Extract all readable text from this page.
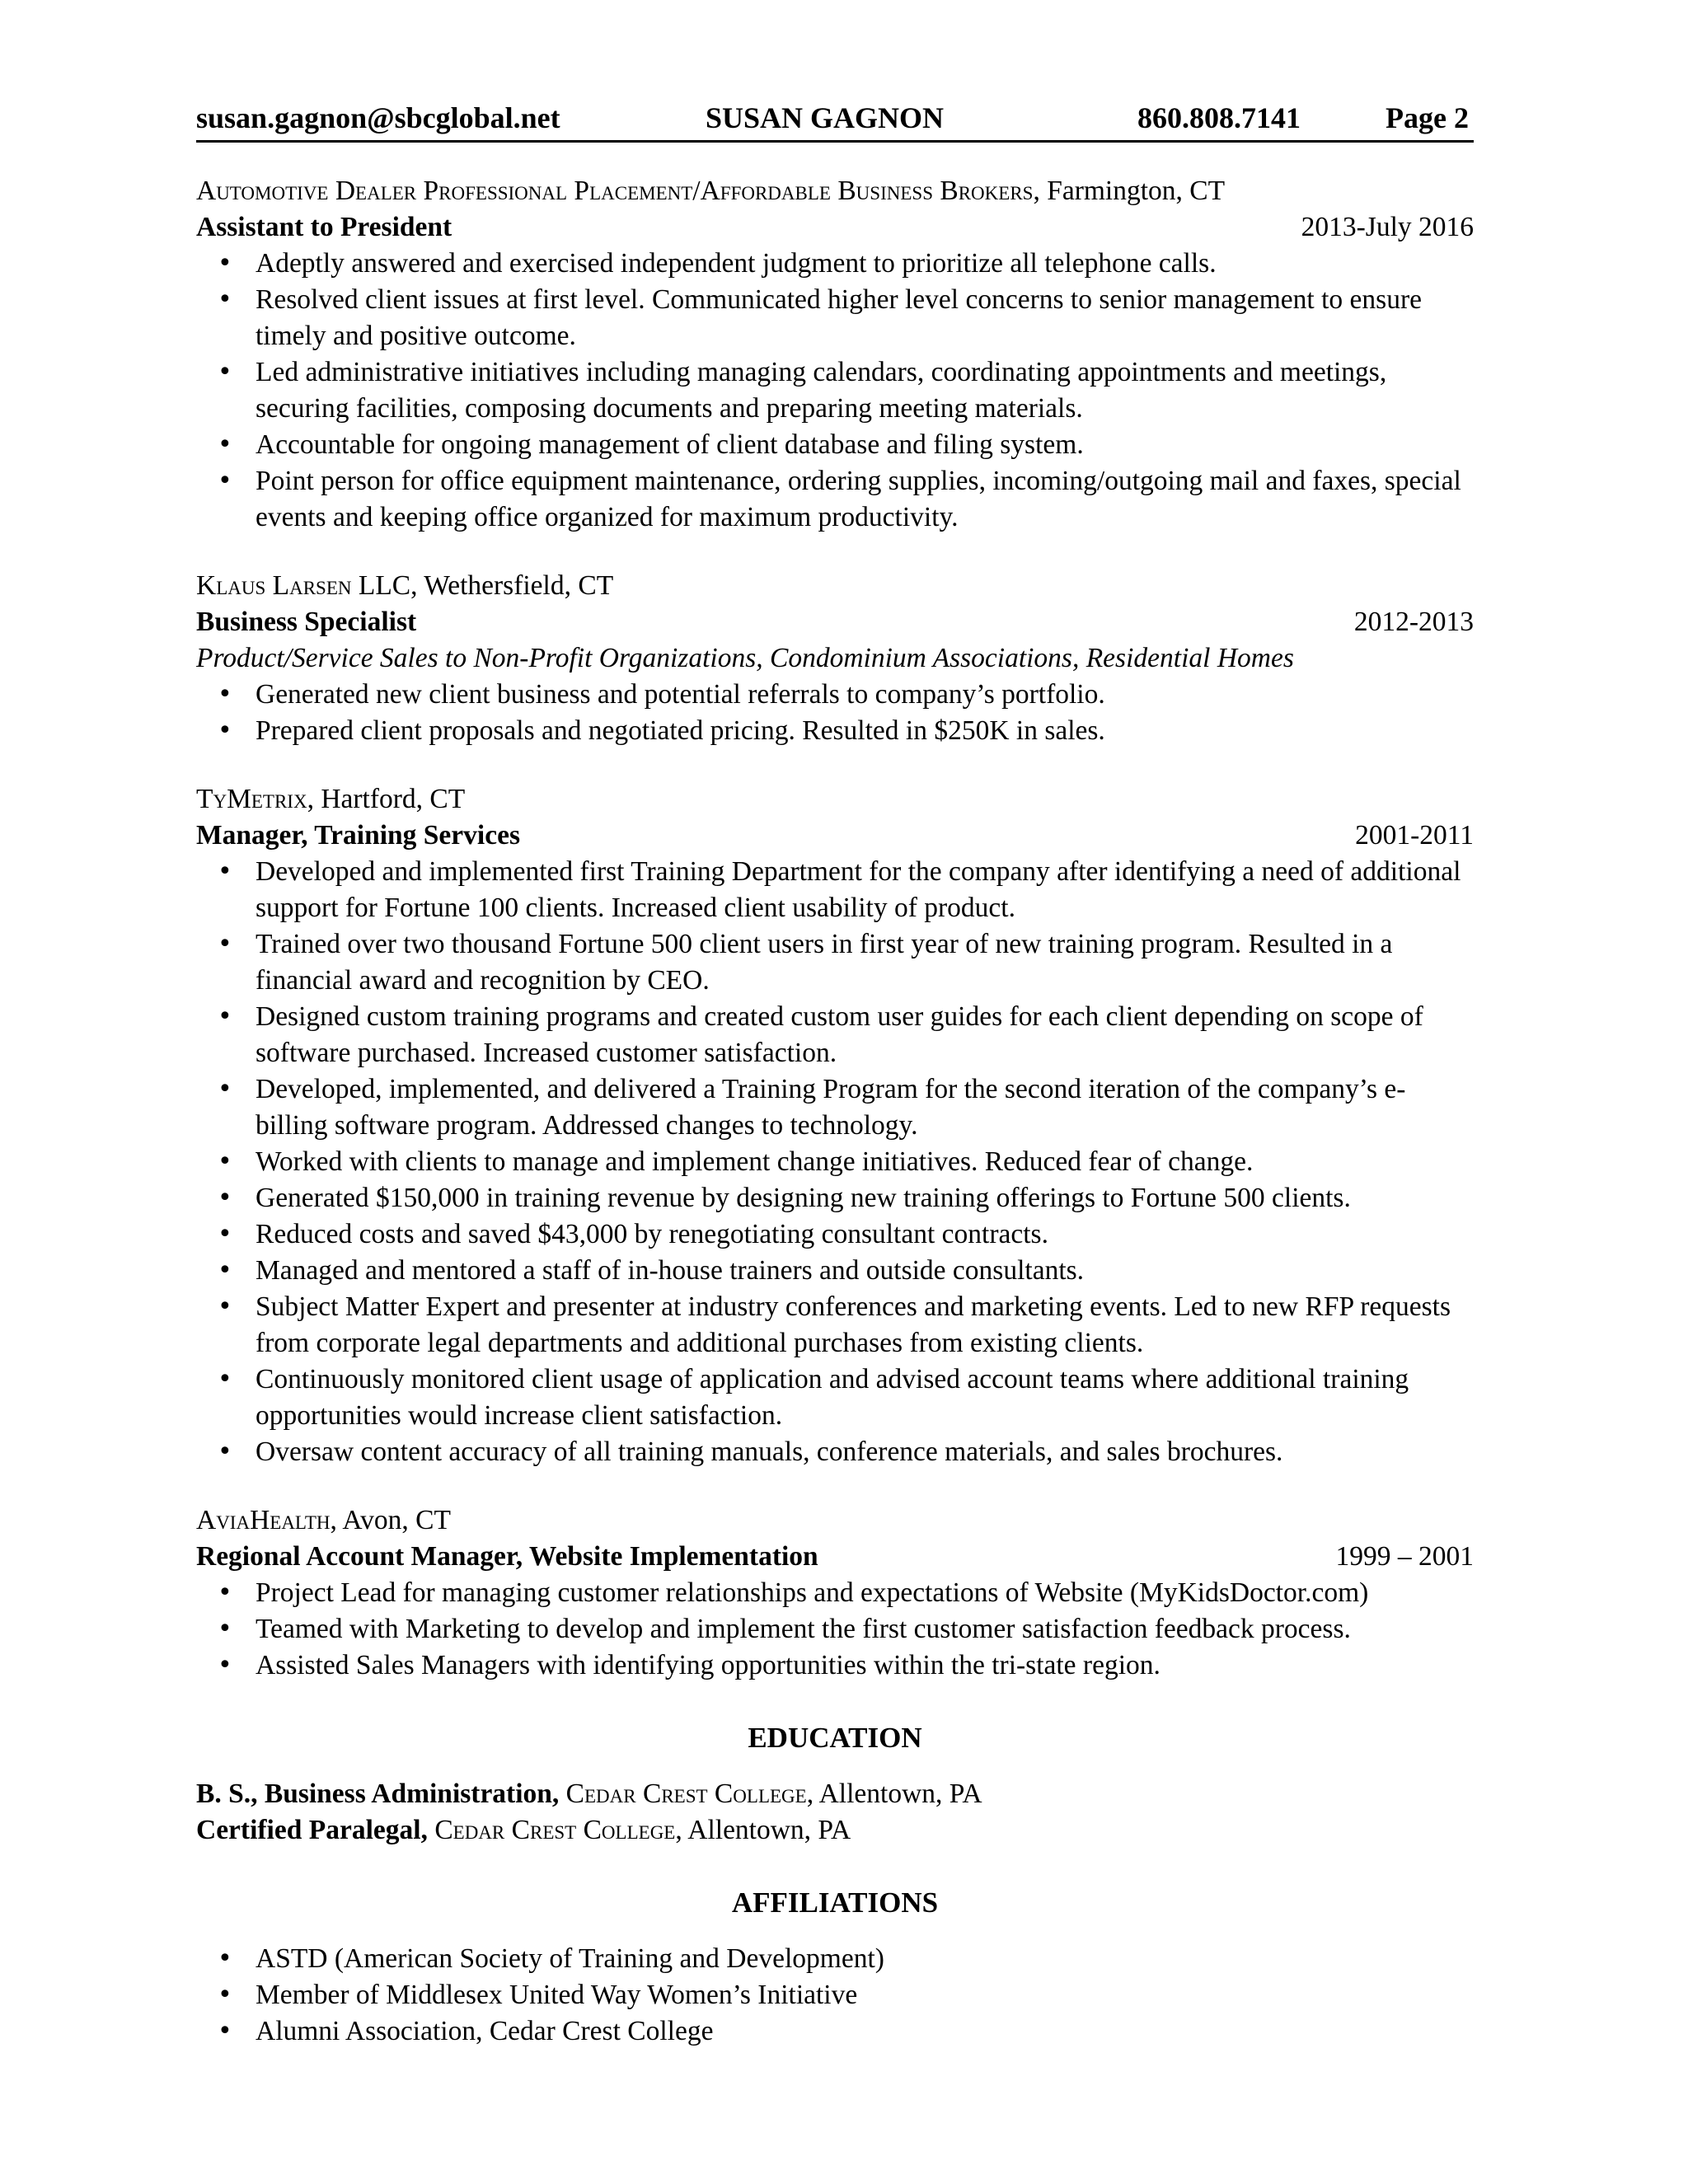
susan.gagnon@sbcglobal.net	SUSAN GAGNON	860.808.7141	Page 2
Automotive Dealer Professional Placement/Affordable Business Brokers, Farmington, CT
Assistant to President	2013-July 2016
• Adeptly answered and exercised independent judgment to prioritize all telephone calls.
• Resolved client issues at first level. Communicated higher level concerns to senior management to ensure timely and positive outcome.
• Led administrative initiatives including managing calendars, coordinating appointments and meetings, securing facilities, composing documents and preparing meeting materials.
• Accountable for ongoing management of client database and filing system.
• Point person for office equipment maintenance, ordering supplies, incoming/outgoing mail and faxes, special events and keeping office organized for maximum productivity.
Klaus Larsen LLC, Wethersfield, CT
Business Specialist	2012-2013
Product/Service Sales to Non-Profit Organizations, Condominium Associations, Residential Homes
• Generated new client business and potential referrals to company’s portfolio.
• Prepared client proposals and negotiated pricing. Resulted in $250K in sales.
TyMetrix, Hartford, CT
Manager, Training Services	2001-2011
• Developed and implemented first Training Department for the company after identifying a need of additional support for Fortune 100 clients. Increased client usability of product.
• Trained over two thousand Fortune 500 client users in first year of new training program. Resulted in a financial award and recognition by CEO.
• Designed custom training programs and created custom user guides for each client depending on scope of software purchased. Increased customer satisfaction.
• Developed, implemented, and delivered a Training Program for the second iteration of the company’s e-billing software program. Addressed changes to technology.
• Worked with clients to manage and implement change initiatives. Reduced fear of change.
• Generated $150,000 in training revenue by designing new training offerings to Fortune 500 clients.
• Reduced costs and saved $43,000 by renegotiating consultant contracts.
• Managed and mentored a staff of in-house trainers and outside consultants.
• Subject Matter Expert and presenter at industry conferences and marketing events. Led to new RFP requests from corporate legal departments and additional purchases from existing clients.
• Continuously monitored client usage of application and advised account teams where additional training opportunities would increase client satisfaction.
• Oversaw content accuracy of all training manuals, conference materials, and sales brochures.
AviaHealth, Avon, CT
Regional Account Manager, Website Implementation	1999 – 2001
• Project Lead for managing customer relationships and expectations of Website (MyKidsDoctor.com)
• Teamed with Marketing to develop and implement the first customer satisfaction feedback process.
• Assisted Sales Managers with identifying opportunities within the tri-state region.
EDUCATION
B. S., Business Administration, Cedar Crest College, Allentown, PA
Certified Paralegal, Cedar Crest College, Allentown, PA
AFFILIATIONS
• ASTD (American Society of Training and Development)
• Member of Middlesex United Way Women’s Initiative
• Alumni Association, Cedar Crest College
